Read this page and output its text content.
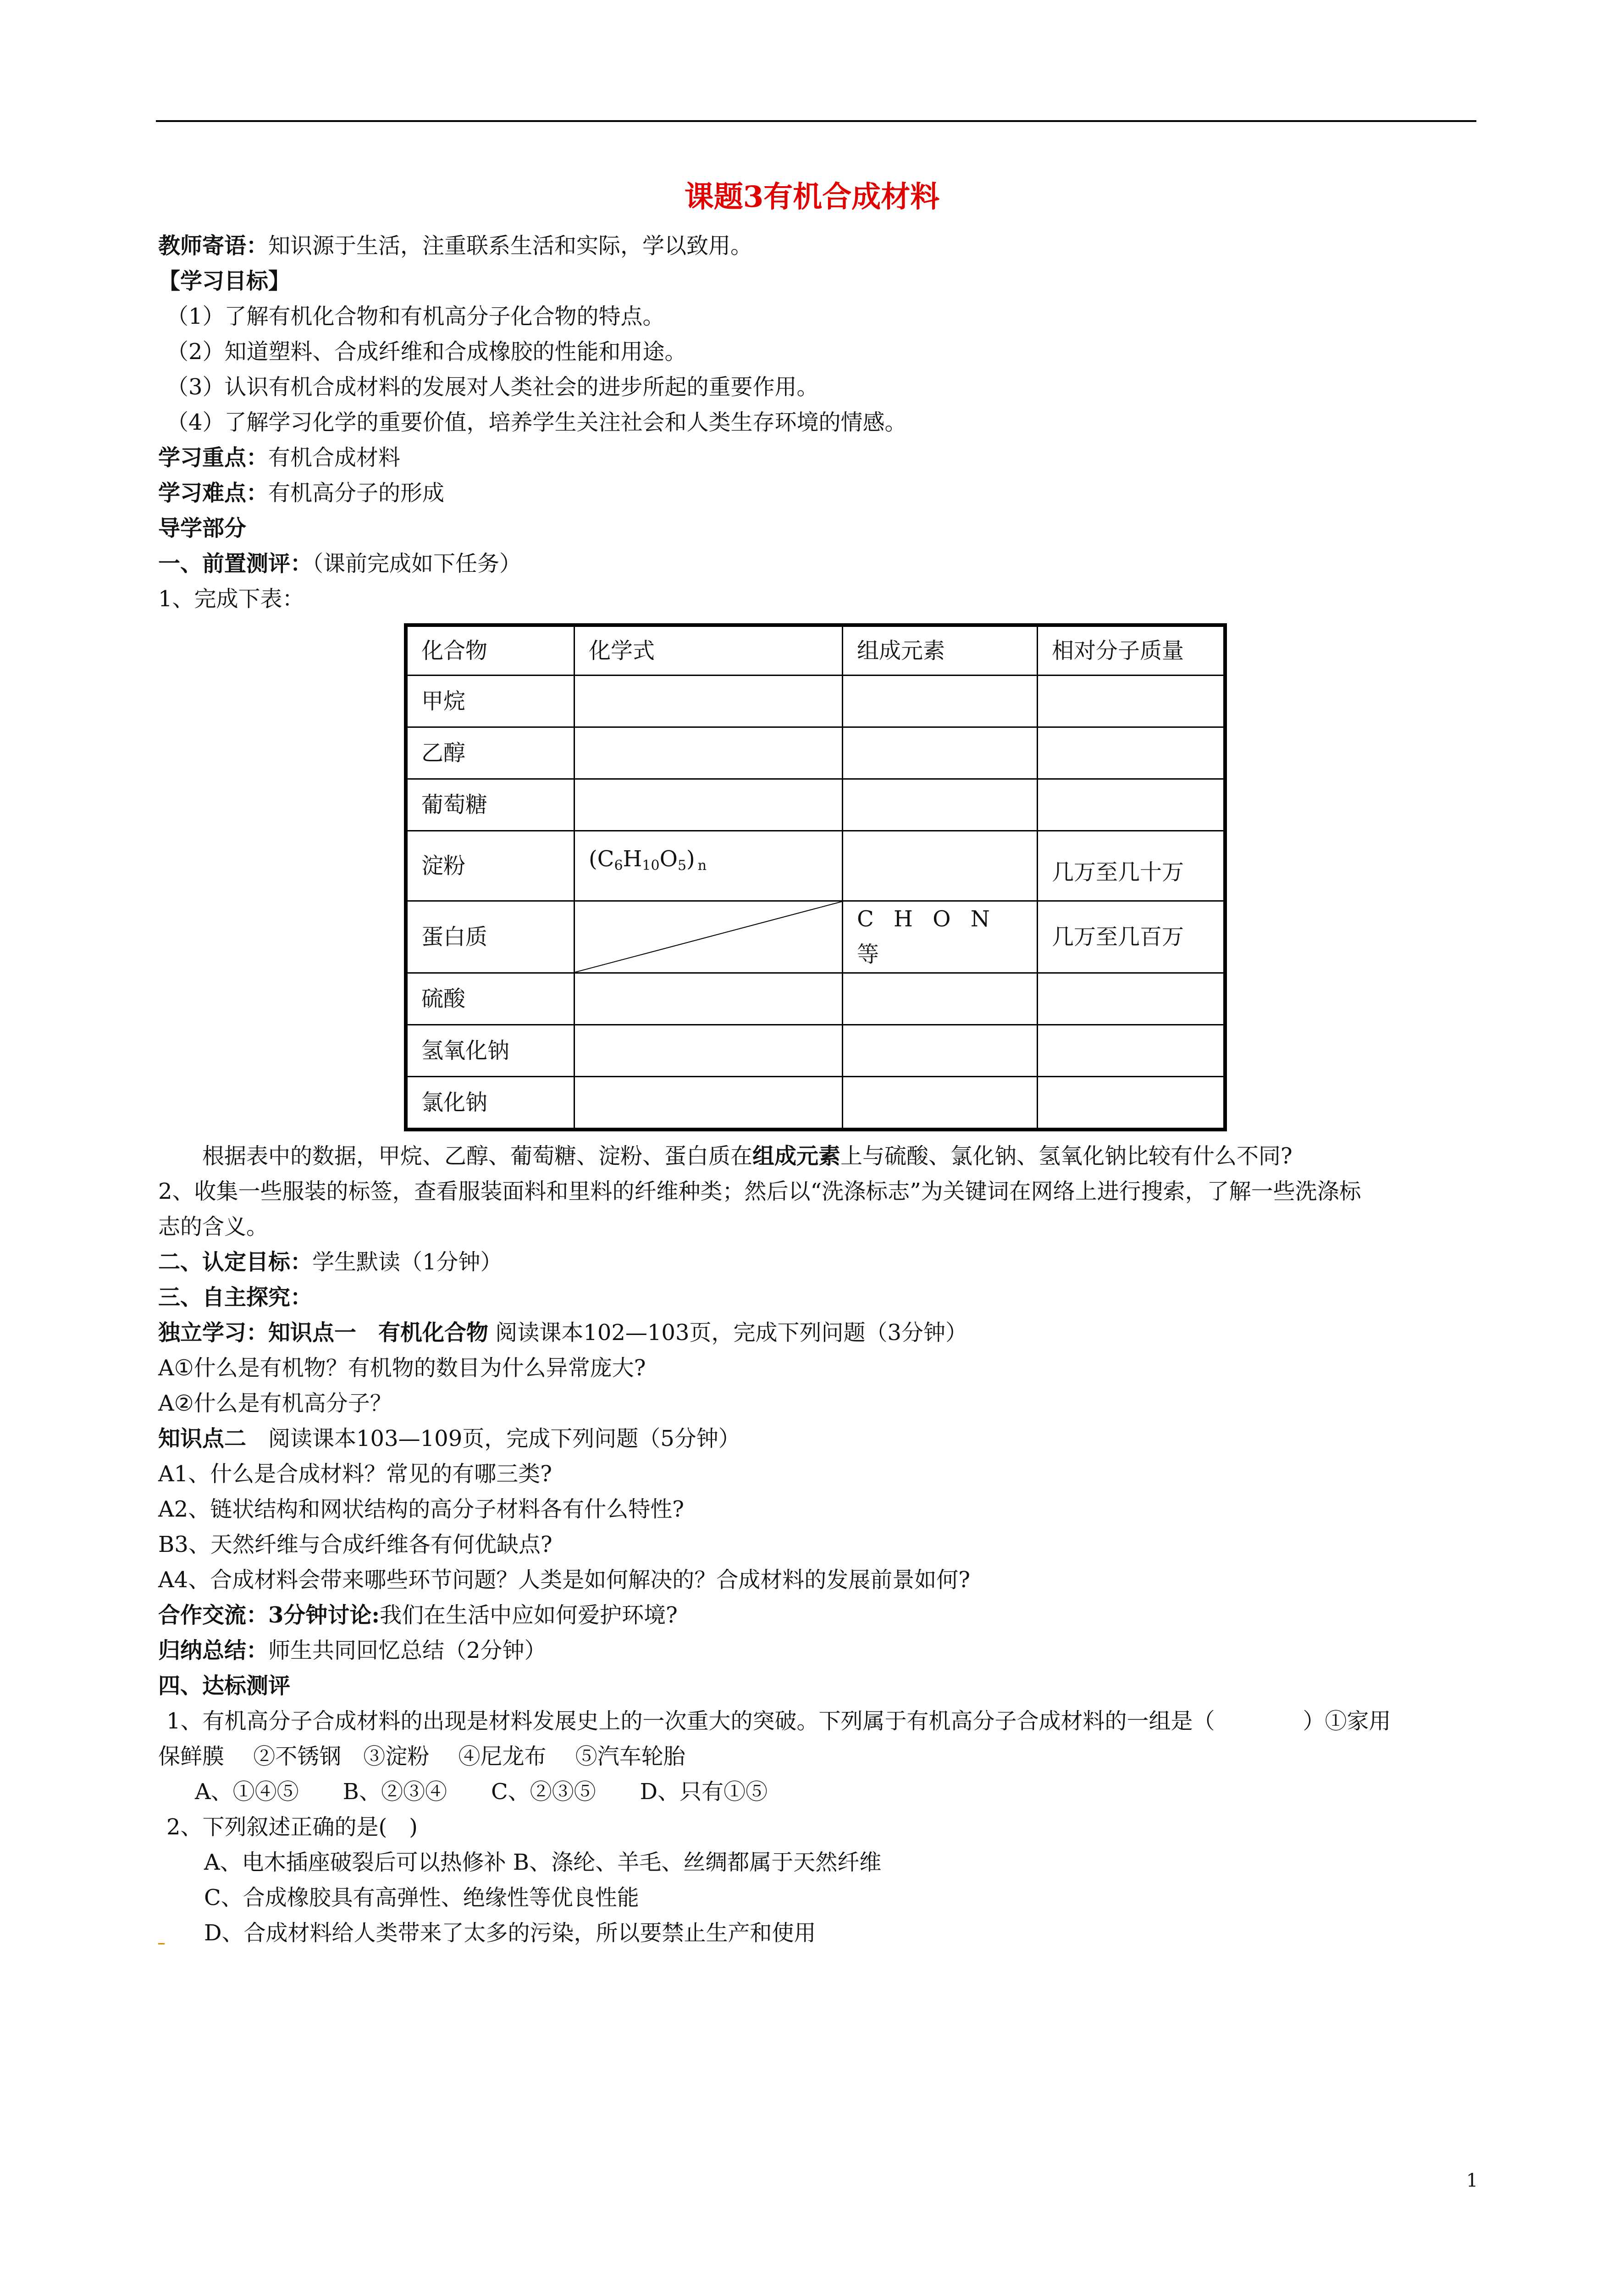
课题3有机合成材料
教师寄语：知识源于生活，注重联系生活和实际，学以致用。
【学习目标】
（1）了解有机化合物和有机高分子化合物的特点。
（2）知道塑料、合成纤维和合成橡胶的性能和用途。
（3）认识有机合成材料的发展对人类社会的进步所起的重要作用。
（4）了解学习化学的重要价值，培养学生关注社会和人类生存环境的情感。
学习重点：有机合成材料
学习难点：有机高分子的形成
导学部分
一、前置测评：（课前完成如下任务）
1、完成下表：
化合物	化学式	组成元素	相对分子质量
甲烷			
乙醇			
葡萄糖			
淀粉	$(C_6H_{10}O_5)$ n		几万至几十万
蛋白质		C H O N等	几万至几百万
硫酸			
氢氧化钠			
氯化钠			
根据表中的数据，甲烷、乙醇、葡萄糖、淀粉、蛋白质在组成元素上与硫酸、氯化钠、氢氧化钠比较有什么不同?
2、收集一些服装的标签，查看服装面料和里料的纤维种类；然后以“洗涤标志”为关键词在网络上进行搜索，了解一些洗涤标
志的含义。
二、认定目标：学生默读（1分钟）
三、自主探究：
独立学习：知识点一　有机化合物 阅读课本102—103页，完成下列问题（3分钟）
A①什么是有机物？有机物的数目为什么异常庞大?
A②什么是有机高分子？
知识点二　阅读课本103—109页，完成下列问题（5分钟）
A1、什么是合成材料？常见的有哪三类?
A2、链状结构和网状结构的高分子材料各有什么特性?
B3、天然纤维与合成纤维各有何优缺点?
A4、合成材料会带来哪些环节问题？人类是如何解决的？合成材料的发展前景如何?
合作交流：3分钟讨论:我们在生活中应如何爱护环境?
归纳总结：师生共同回忆总结（2分钟）
四、达标测评
1、有机高分子合成材料的出现是材料发展史上的一次重大的突破。下列属于有机高分子合成材料的一组是（　　　　）①家用
保鲜膜　 ②不锈钢　③淀粉　 ④尼龙布　 ⑤汽车轮胎
A、①④⑤　　B、②③④　　C、②③⑤　　D、只有①⑤
2、下列叙述正确的是(　)
A、电木插座破裂后可以热修补 B、涤纶、羊毛、丝绸都属于天然纤维
C、合成橡胶具有高弹性、绝缘性等优良性能
D、合成材料给人类带来了太多的污染，所以要禁止生产和使用
1
